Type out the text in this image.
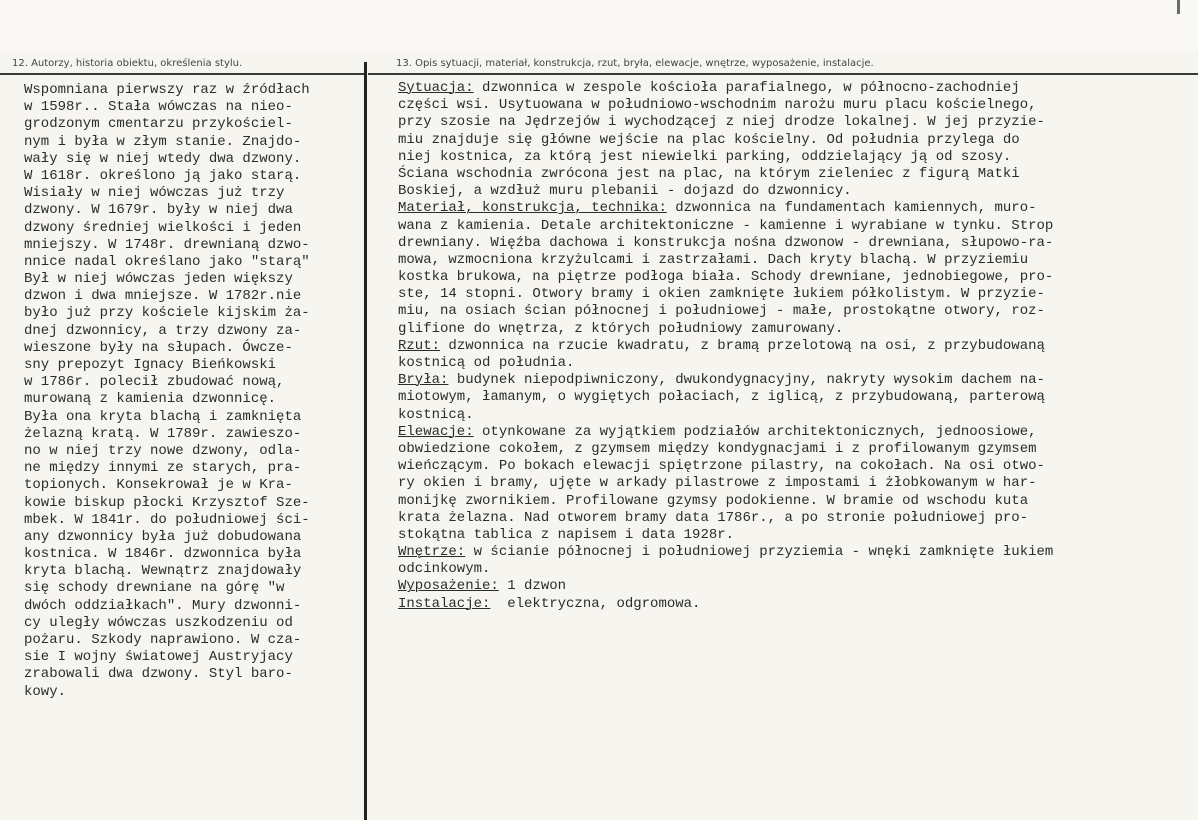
12. Autorzy, historia obiektu, określenia stylu.	13. Opis sytuacji, materiał, konstrukcja, rzut, bryła, elewacje, wnętrze, wyposażenie, instalacje.
Wspomniana pierwszy raz w źródłach
w 1598r.. Stała wówczas na nieo-
grodzonym cmentarzu przykościel-
nym i była w złym stanie. Znajdo-
wały się w niej wtedy dwa dzwony.
W 1618r. określono ją jako starą.
Wisiały w niej wówczas już trzy
dzwony. W 1679r. były w niej dwa
dzwony średniej wielkości i jeden
mniejszy. W 1748r. drewnianą dzwo-
nnice nadal określano jako "starą"
Był w niej wówczas jeden większy
dzwon i dwa mniejsze. W 1782r.nie
było już przy kościele kijskim ża-
dnej dzwonnicy, a trzy dzwony za-
wieszone były na słupach. Ówcze-
sny prepozyt Ignacy Bieńkowski
w 1786r. polecił zbudować nową,
murowaną z kamienia dzwonnicę.
Była ona kryta blachą i zamknięta
żelazną kratą. W 1789r. zawieszo-
no w niej trzy nowe dzwony, odla-
ne między innymi ze starych, pra-
topionych. Konsekrował je w Kra-
kowie biskup płocki Krzysztof Sze-
mbek. W 1841r. do południowej ści-
any dzwonnicy była już dobudowana
kostnica. W 1846r. dzwonnica była
kryta blachą. Wewnątrz znajdowały
się schody drewniane na górę "w
dwóch oddziałkach". Mury dzwonni-
cy uległy wówczas uszkodzeniu od
pożaru. Szkody naprawiono. W cza-
sie I wojny światowej Austryjacy
zrabowali dwa dzwony. Styl baro-
kowy.
Sytuacja: dzwonnica w zespole kościoła parafialnego, w północno-zachodniej
części wsi. Usytuowana w południowo-wschodnim narożu muru placu kościelnego,
przy szosie na Jędrzejów i wychodzącej z niej drodze lokalnej. W jej przyzie-
miu znajduje się główne wejście na plac kościelny. Od południa przylega do
niej kostnica, za którą jest niewielki parking, oddzielający ją od szosy.
Ściana wschodnia zwrócona jest na plac, na którym zieleniec z figurą Matki
Boskiej, a wzdłuż muru plebanii - dojazd do dzwonnicy.
Materiał, konstrukcja, technika: dzwonnica na fundamentach kamiennych, muro-
wana z kamienia. Detale architektoniczne - kamienne i wyrabiane w tynku. Strop
drewniany. Więźba dachowa i konstrukcja nośna dzwonow - drewniana, słupowo-ra-
mowa, wzmocniona krzyżulcami i zastrzałami. Dach kryty blachą. W przyziemiu
kostka brukowa, na piętrze podłoga biała. Schody drewniane, jednobiegowe, pro-
ste, 14 stopni. Otwory bramy i okien zamknięte łukiem półkolistym. W przyzie-
miu, na osiach ścian północnej i południowej - małe, prostokątne otwory, roz-
glifione do wnętrza, z których południowy zamurowany.
Rzut: dzwonnica na rzucie kwadratu, z bramą przelotową na osi, z przybudowaną
kostnicą od południa.
Bryła: budynek niepodpiwniczony, dwukondygnacyjny, nakryty wysokim dachem na-
miotowym, łamanym, o wygiętych połaciach, z iglicą, z przybudowaną, parterową
kostnicą.
Elewacje: otynkowane za wyjątkiem podziałów architektonicznych, jednoosiowe,
obwiedzione cokołem, z gzymsem między kondygnacjami i z profilowanym gzymsem
wieńczącym. Po bokach elewacji spiętrzone pilastry, na cokołach. Na osi otwo-
ry okien i bramy, ujęte w arkady pilastrowe z impostami i żłobkowanym w har-
monijkę zwornikiem. Profilowane gzymsy podokienne. W bramie od wschodu kuta
krata żelazna. Nad otworem bramy data 1786r., a po stronie południowej pro-
stokątna tablica z napisem i data 1928r.
Wnętrze: w ścianie północnej i południowej przyziemia - wnęki zamknięte łukiem
odcinkowym.
Wyposażenie: 1 dzwon
Instalacje:  elektryczna, odgromowa.
